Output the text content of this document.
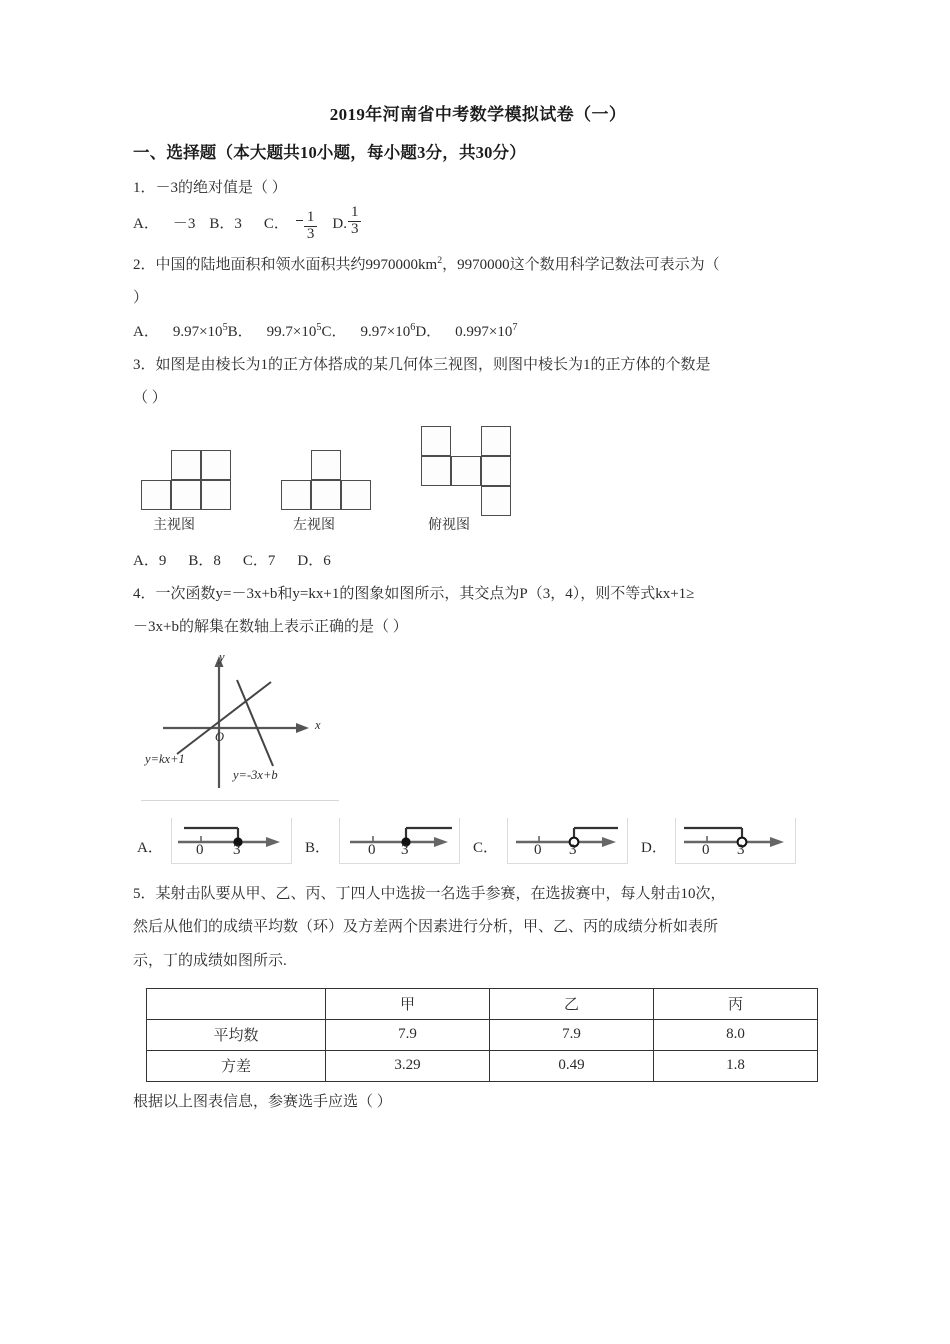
2019年河南省中考数学模拟试卷（一）
一、选择题（本大题共10小题，每小题3分，共30分）
1．－3的绝对值是（ ）
A． －3 B．3 C． $\frac{1}{3} D$. $\frac{1}{3}$
2．中国的陆地面积和领水面积共约$9970000km^2$，9970000这个数用科学记数法可表示为（
）
A． $9.97\times 10^5B$． $99.7\times 10^5C$． $9.97\times 10^6D$． $0.997\times 10^7$
3．如图是由棱长为1的正方体搭成的某几何体三视图，则图中棱长为1的正方体的个数是
（ ）
主视图	左视图	俯视图
A．9 B．8 C．7 D．6
4．一次函数y=－3x+b和y=kx+1的图象如图所示，其交点为P（3，4），则不等式kx+1≥
－3x+b的解集在数轴上表示正确的是（ ）
y
x
O
y=kx+1
y=-3x+b
A． 0 3	B．	0 3	C． 0 3	D． 0 3
5．某射击队要从甲、乙、丙、丁四人中选拔一名选手参赛，在选拔赛中，每人射击10次，
然后从他们的成绩平均数（环）及方差两个因素进行分析，甲、乙、丙的成绩分析如表所
示，丁的成绩如图所示.
	甲	乙	丙
平均数	7.9	7.9	8.0
方差	3.29	0.49	1.8
根据以上图表信息，参赛选手应选（ ）
